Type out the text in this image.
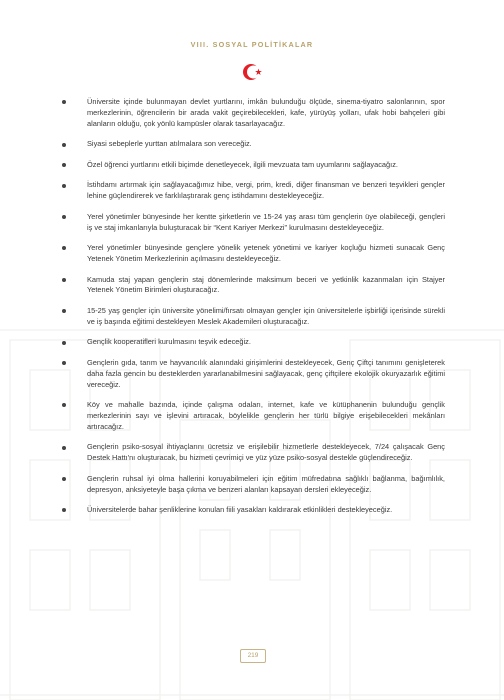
VIII. SOSYAL POLİTİKALAR
Üniversite içinde bulunmayan devlet yurtlarını, imkân bulunduğu ölçüde, sinema-tiyatro salonlarının, spor merkezlerinin, öğrencilerin bir arada vakit geçirebilecekleri, kafe, yürüyüş yolları, ufak hobi bahçeleri gibi alanların olduğu, çok yönlü kampüsler olarak tasarlayacağız.
Siyasi sebeplerle yurttan atılmalara son vereceğiz.
Özel öğrenci yurtlarını etkili biçimde denetleyecek, ilgili mevzuata tam uyumlarını sağlayacağız.
İstihdamı artırmak için sağlayacağımız hibe, vergi, prim, kredi, diğer finansman ve benzeri teşvikleri gençler lehine güçlendirerek ve farklılaştırarak genç istihdamını destekleyeceğiz.
Yerel yönetimler bünyesinde her kentte şirketlerin ve 15-24 yaş arası tüm gençlerin üye olabileceği, gençleri iş ve staj imkanlarıyla buluşturacak bir “Kent Kariyer Merkezi” kurulmasını destekleyeceğiz.
Yerel yönetimler bünyesinde gençlere yönelik yetenek yönetimi ve kariyer koçluğu hizmeti sunacak Genç Yetenek Yönetim Merkezlerinin açılmasını destekleyeceğiz.
Kamuda staj yapan gençlerin staj dönemlerinde maksimum beceri ve yetkinlik kazanmaları için Stajyer Yetenek Yönetim Birimleri oluşturacağız.
15-25 yaş gençler için üniversite yönelimi/fırsatı olmayan gençler için üniversitelerle işbirliği içerisinde sürekli ve iş başında eğitimi destekleyen Meslek Akademileri oluşturacağız.
Gençlik kooperatifleri kurulmasını teşvik edeceğiz.
Gençlerin gıda, tarım ve hayvancılık alanındaki girişimlerini destekleyecek, Genç Çiftçi tanımını genişleterek daha fazla gencin bu desteklerden yararlanabilmesini sağlayacak, genç çiftçilere ekolojik okuryazarlık eğitimi vereceğiz.
Köy ve mahalle bazında, içinde çalışma odaları, internet, kafe ve kütüphanenin bulunduğu gençlik merkezlerinin sayı ve işlevini artıracak, böylelikle gençlerin her türlü bilgiye erişebilecekleri mekânları artıracağız.
Gençlerin psiko-sosyal ihtiyaçlarını ücretsiz ve erişilebilir hizmetlerle destekleyecek, 7/24 çalışacak Genç Destek Hattı'nı oluşturacak, bu hizmeti çevrimiçi ve yüz yüze psiko-sosyal destekle güçlendireceğiz.
Gençlerin ruhsal iyi olma hallerini koruyabilmeleri için eğitim müfredatına sağlıklı bağlanma, bağımlılık, depresyon, anksiyeteyle başa çıkma ve benzeri alanları kapsayan dersleri ekleyeceğiz.
Üniversitelerde bahar şenliklerine konulan fiili yasakları kaldırarak etkinlikleri destekleyeceğiz.
219
